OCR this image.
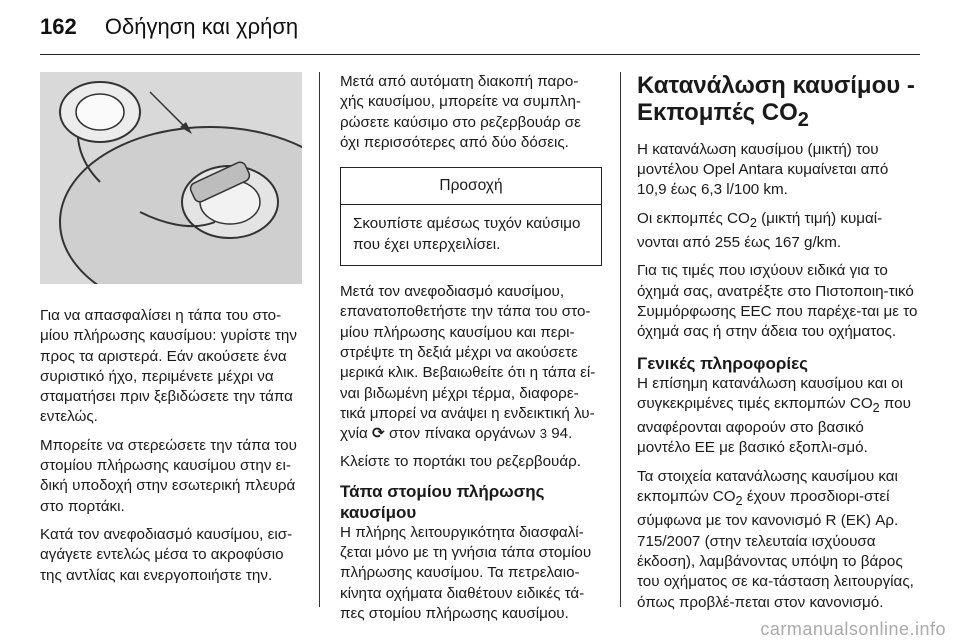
162 Οδήγηση και χρήση

Για να απασφαλίσει η τάπα του στο-μίου πλήρωσης καυσίμου: γυρίστε την προς τα αριστερά. Εάν ακούσετε ένα συριστικό ήχο, περιμένετε μέχρι να σταματήσει πριν ξεβιδώσετε την τάπα εντελώς.

Μπορείτε να στερεώσετε την τάπα του στομίου πλήρωσης καυσίμου στην ει-δική υποδοχή στην εσωτερική πλευρά στο πορτάκι.

Κατά τον ανεφοδιασμό καυσίμου, εισ-αγάγετε εντελώς μέσα το ακροφύσιο της αντλίας και ενεργοποιήστε την.

Μετά από αυτόματη διακοπή παρο-χής καυσίμου, μπορείτε να συμπλη-ρώσετε καύσιμο στο ρεζερβουάρ σε όχι περισσότερες από δύο δόσεις.

Προσοχή
Σκουπίστε αμέσως τυχόν καύσιμο που έχει υπερχειλίσει.

Μετά τον ανεφοδιασμό καυσίμου, επανατοποθετήστε την τάπα του στο-μίου πλήρωσης καυσίμου και περι-στρέψτε τη δεξιά μέχρι να ακούσετε μερικά κλικ. Βεβαιωθείτε ότι η τάπα εί-ναι βιδωμένη μέχρι τέρμα, διαφορε-τικά μπορεί να ανάψει η ενδεικτική λυ-χνία ⟳ στον πίνακα οργάνων 3 94.

Κλείστε το πορτάκι του ρεζερβουάρ.

Τάπα στομίου πλήρωσης καυσίμου

Η πλήρης λειτουργικότητα διασφαλί-ζεται μόνο με τη γνήσια τάπα στομίου πλήρωσης καυσίμου. Τα πετρελαιο-κίνητα οχήματα διαθέτουν ειδικές τά-πες στομίου πλήρωσης καυσίμου.

Κατανάλωση καυσίμου - Εκπομπές $CO_2$

Η κατανάλωση καυσίμου (μικτή) του μοντέλου Opel Antara κυμαίνεται από 10,9 έως 6,3 l/100 km.

Οι εκπομπές $CO_2$ (μικτή τιμή) κυμαί-νονται από 255 έως 167 g/km.

Για τις τιμές που ισχύουν ειδικά για το όχημά σας, ανατρέξτε στο Πιστοποιη-τικό Συμμόρφωσης EEC που παρέχε-ται με το όχημά σας ή στην άδεια του οχήματος.

Γενικές πληροφορίες

Η επίσημη κατανάλωση καυσίμου και οι συγκεκριμένες τιμές εκπομπών $CO_2$ που αναφέρονται αφορούν στο βασικό μοντέλο ΕΕ με βασικό εξοπλι-σμό.

Τα στοιχεία κατανάλωσης καυσίμου και εκπομπών $CO_2$ έχουν προσδιορι-στεί σύμφωνα με τον κανονισμό R (ΕΚ) Αρ. 715/2007 (στην τελευταία ισχύουσα έκδοση), λαμβάνοντας υπόψη το βάρος του οχήματος σε κα-τάσταση λειτουργίας, όπως προβλέ-πεται στον κανονισμό.

carmanualsonline.info
